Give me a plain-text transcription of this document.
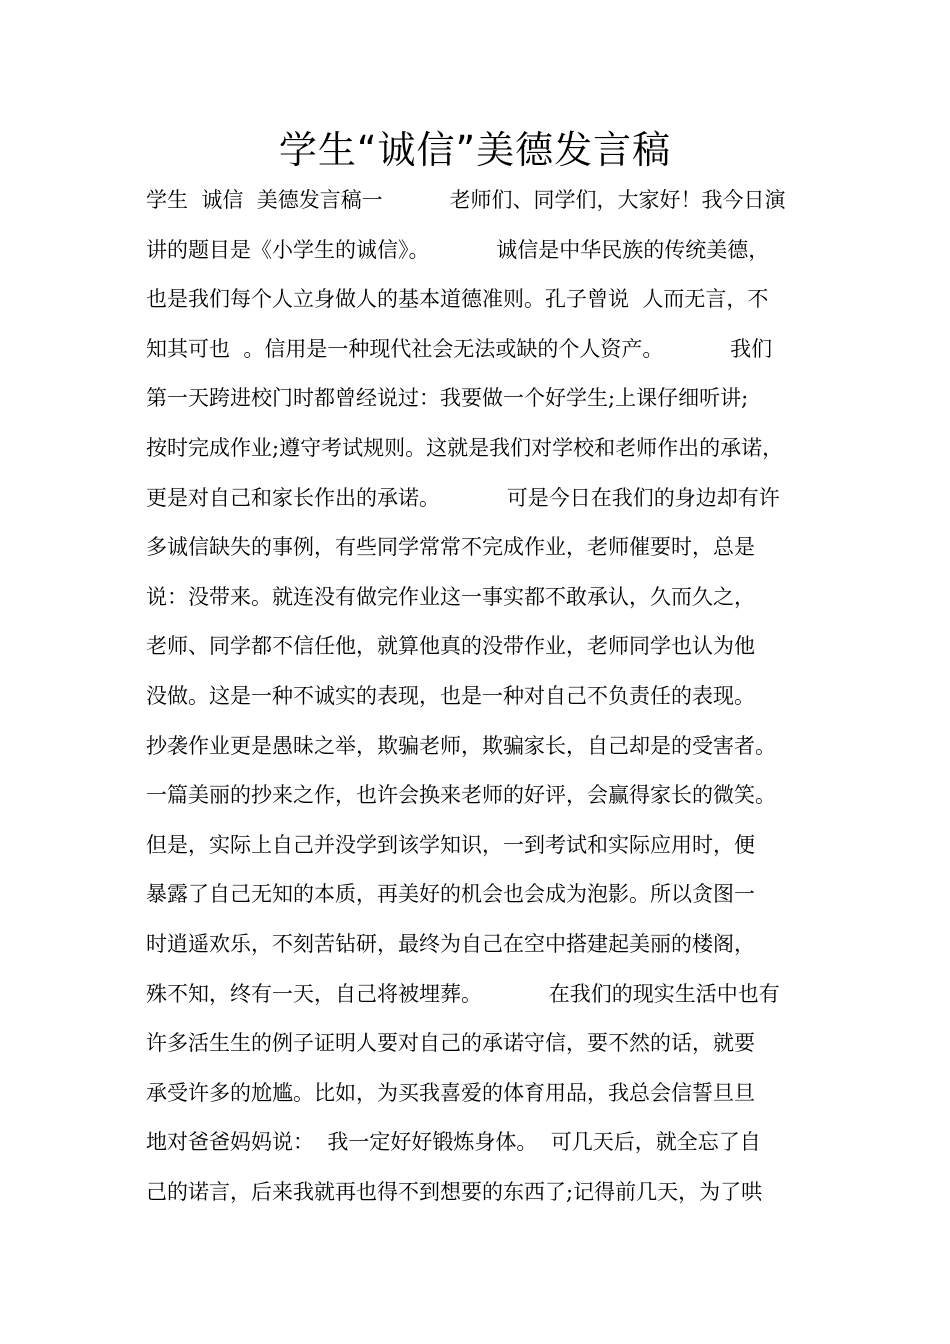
学生“诚信”美德发言稿
学生  诚信  美德发言稿一          老师们、同学们，大家好！我今日演
讲的题目是《小学生的诚信》。          诚信是中华民族的传统美德，
也是我们每个人立身做人的基本道德准则。孔子曾说  人而无言，不
知其可也  。信用是一种现代社会无法或缺的个人资产。          我们
第一天跨进校门时都曾经说过：我要做一个好学生;上课仔细听讲;
按时完成作业;遵守考试规则。这就是我们对学校和老师作出的承诺，
更是对自己和家长作出的承诺。          可是今日在我们的身边却有许
多诚信缺失的事例，有些同学常常不完成作业，老师催要时，总是
说：没带来。就连没有做完作业这一事实都不敢承认，久而久之，
老师、同学都不信任他，就算他真的没带作业，老师同学也认为他
没做。这是一种不诚实的表现，也是一种对自己不负责任的表现。
抄袭作业更是愚昧之举，欺骗老师，欺骗家长，自己却是的受害者。
一篇美丽的抄来之作，也许会换来老师的好评，会赢得家长的微笑。
但是，实际上自己并没学到该学知识，一到考试和实际应用时，便
暴露了自己无知的本质，再美好的机会也会成为泡影。所以贪图一
时逍遥欢乐，不刻苦钻研，最终为自己在空中搭建起美丽的楼阁，
殊不知，终有一天，自己将被埋葬。          在我们的现实生活中也有
许多活生生的例子证明人要对自己的承诺守信，要不然的话，就要
承受许多的尬尴。比如，为买我喜爱的体育用品，我总会信誓旦旦
地对爸爸妈妈说：  我一定好好锻炼身体。  可几天后，就全忘了自
己的诺言，后来我就再也得不到想要的东西了;记得前几天，为了哄
